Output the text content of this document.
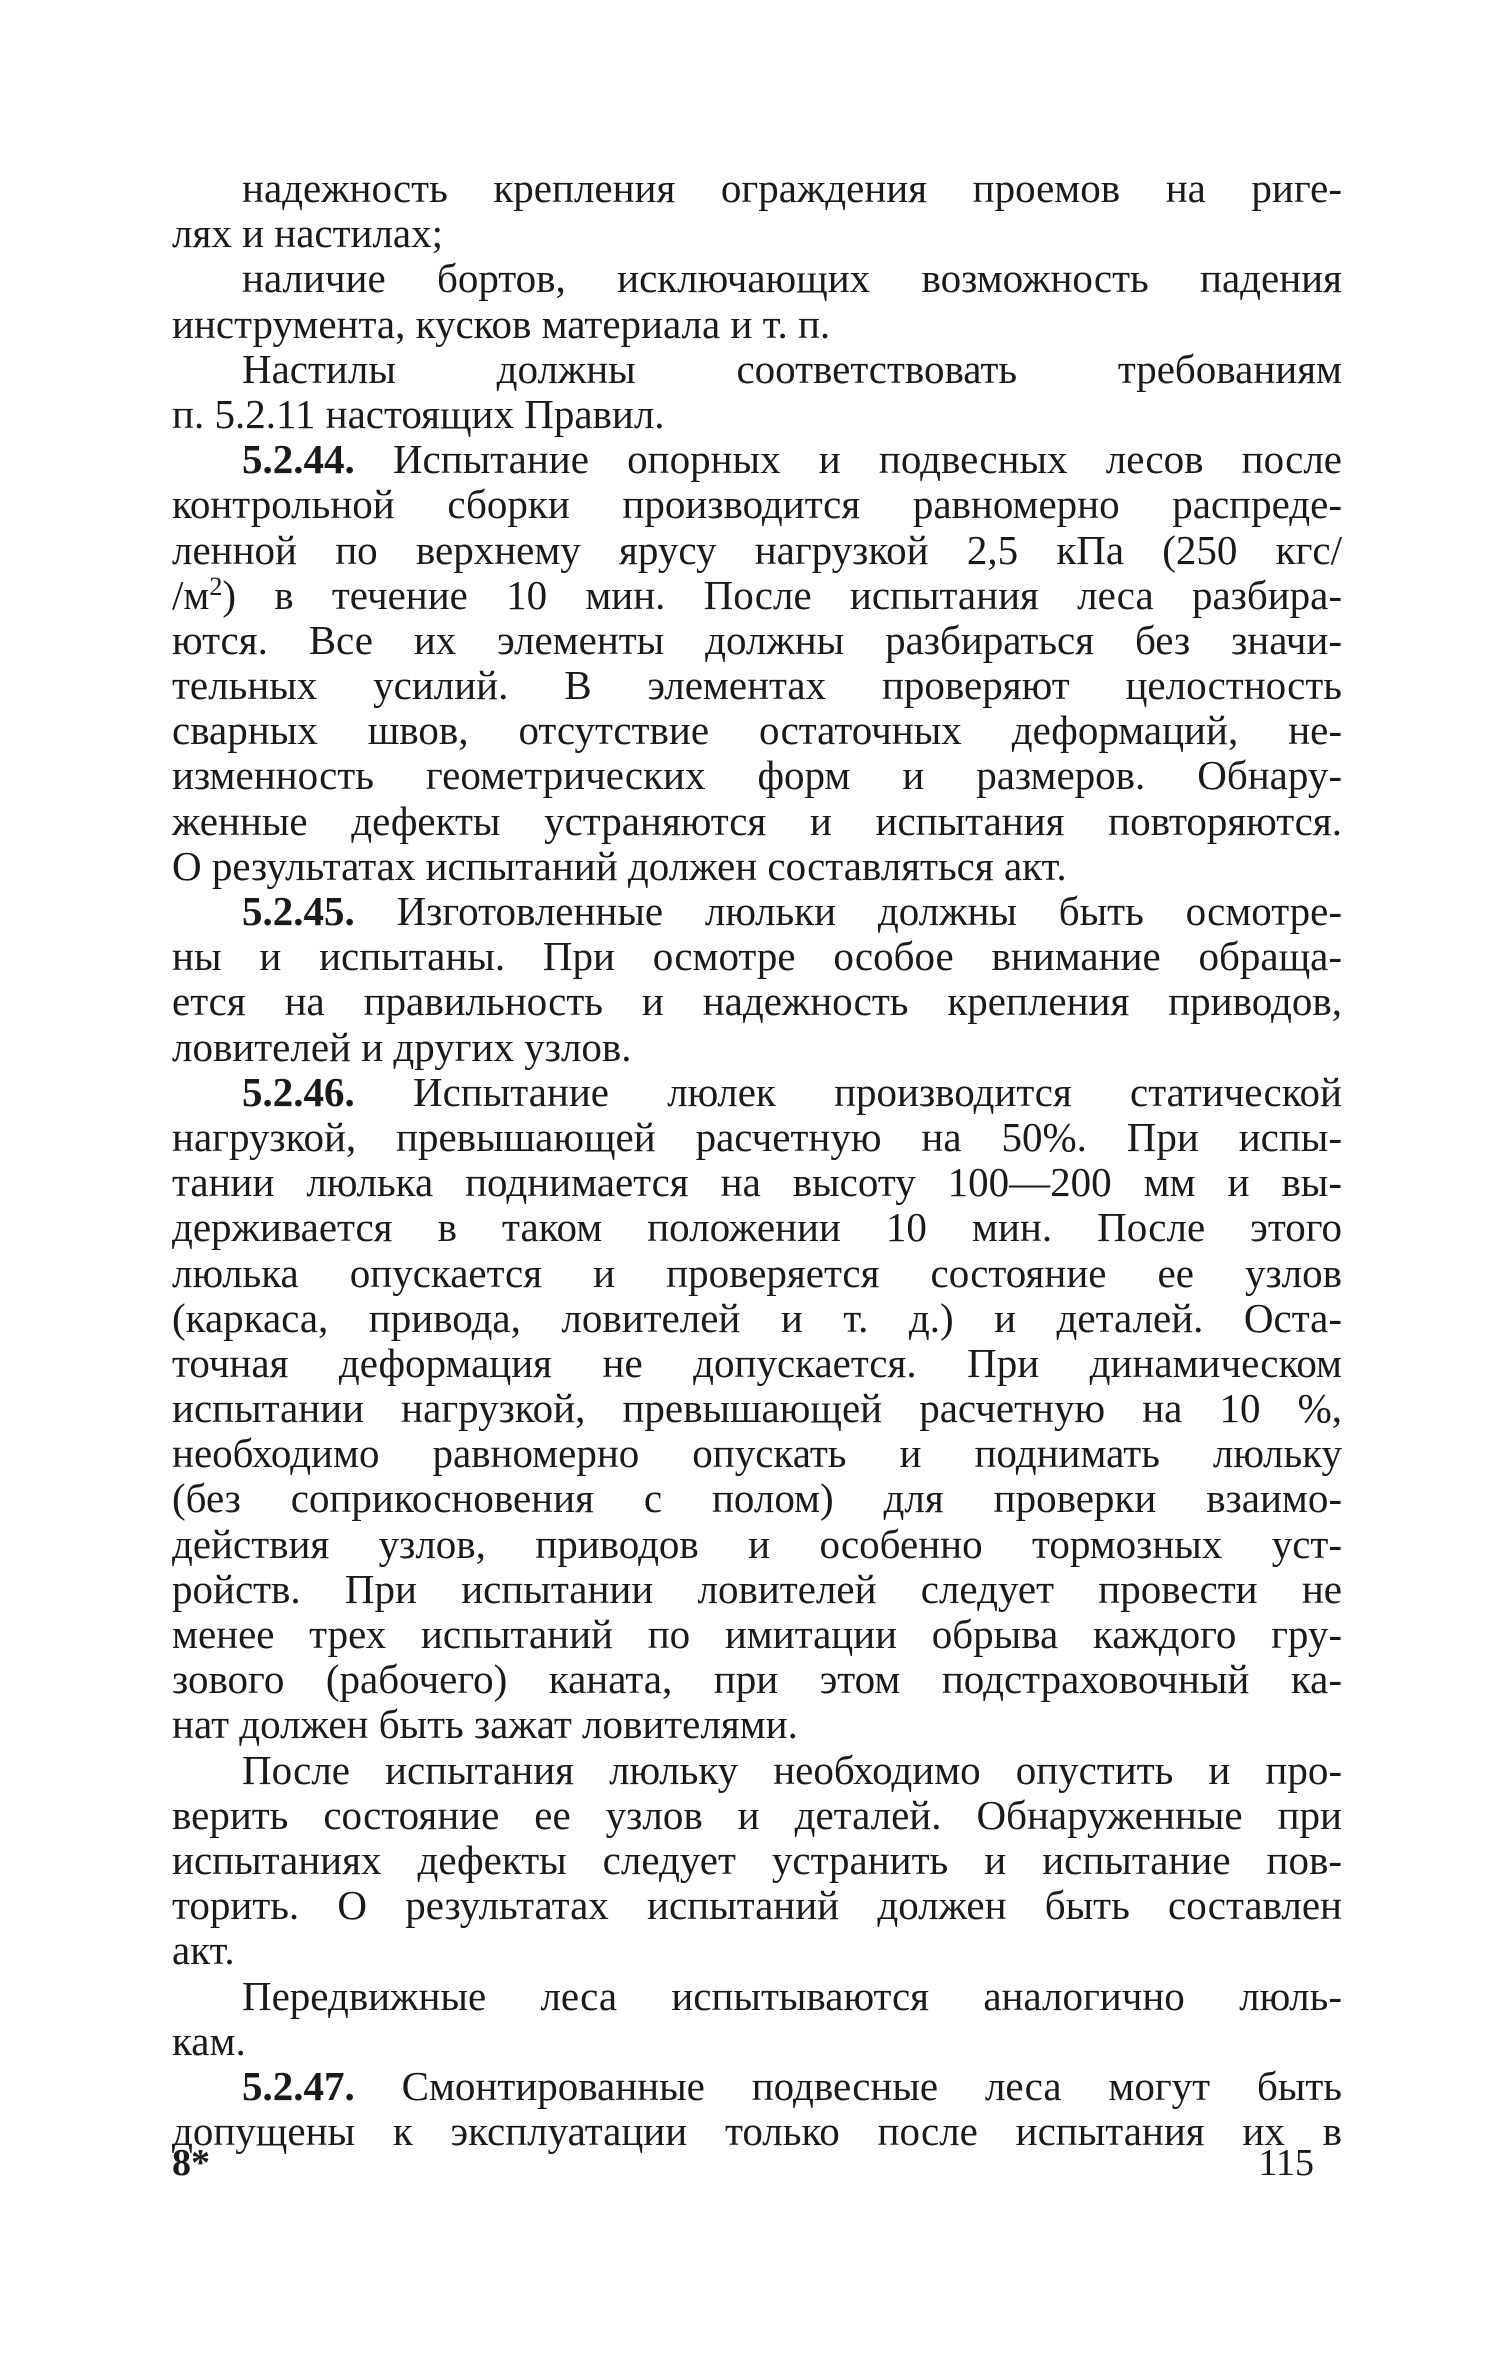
надежность крепления ограждения проемов на риге-
лях и настилах;
наличие бортов, исключающих возможность падения
инструмента, кусков материала и т. п.
Настилы должны соответствовать требованиям
п. 5.2.11 настоящих Правил.
5.2.44. Испытание опорных и подвесных лесов после
контрольной сборки производится равномерно распреде-
ленной по верхнему ярусу нагрузкой 2,5 кПа (250 кгс/
$/м^2$) в течение 10 мин. После испытания леса разбира-
ются. Все их элементы должны разбираться без значи-
тельных усилий. В элементах проверяют целостность
сварных швов, отсутствие остаточных деформаций, не-
изменность геометрических форм и размеров. Обнару-
женные дефекты устраняются и испытания повторяются.
О результатах испытаний должен составляться акт.
5.2.45. Изготовленные люльки должны быть осмотре-
ны и испытаны. При осмотре особое внимание обраща-
ется на правильность и надежность крепления приводов,
ловителей и других узлов.
5.2.46. Испытание люлек производится статической
нагрузкой, превышающей расчетную на 50%. При испы-
тании люлька поднимается на высоту 100—200 мм и вы-
держивается в таком положении 10 мин. После этого
люлька опускается и проверяется состояние ее узлов
(каркаса, привода, ловителей и т. д.) и деталей. Оста-
точная деформация не допускается. При динамическом
испытании нагрузкой, превышающей расчетную на 10 %,
необходимо равномерно опускать и поднимать люльку
(без соприкосновения с полом) для проверки взаимо-
действия узлов, приводов и особенно тормозных уст-
ройств. При испытании ловителей следует провести не
менее трех испытаний по имитации обрыва каждого гру-
зового (рабочего) каната, при этом подстраховочный ка-
нат должен быть зажат ловителями.
После испытания люльку необходимо опустить и про-
верить состояние ее узлов и деталей. Обнаруженные при
испытаниях дефекты следует устранить и испытание пов-
торить. О результатах испытаний должен быть составлен
акт.
Передвижные леса испытываются аналогично люль-
кам.
5.2.47. Смонтированные подвесные леса могут быть
допущены к эксплуатации только после испытания их в
8*	115
